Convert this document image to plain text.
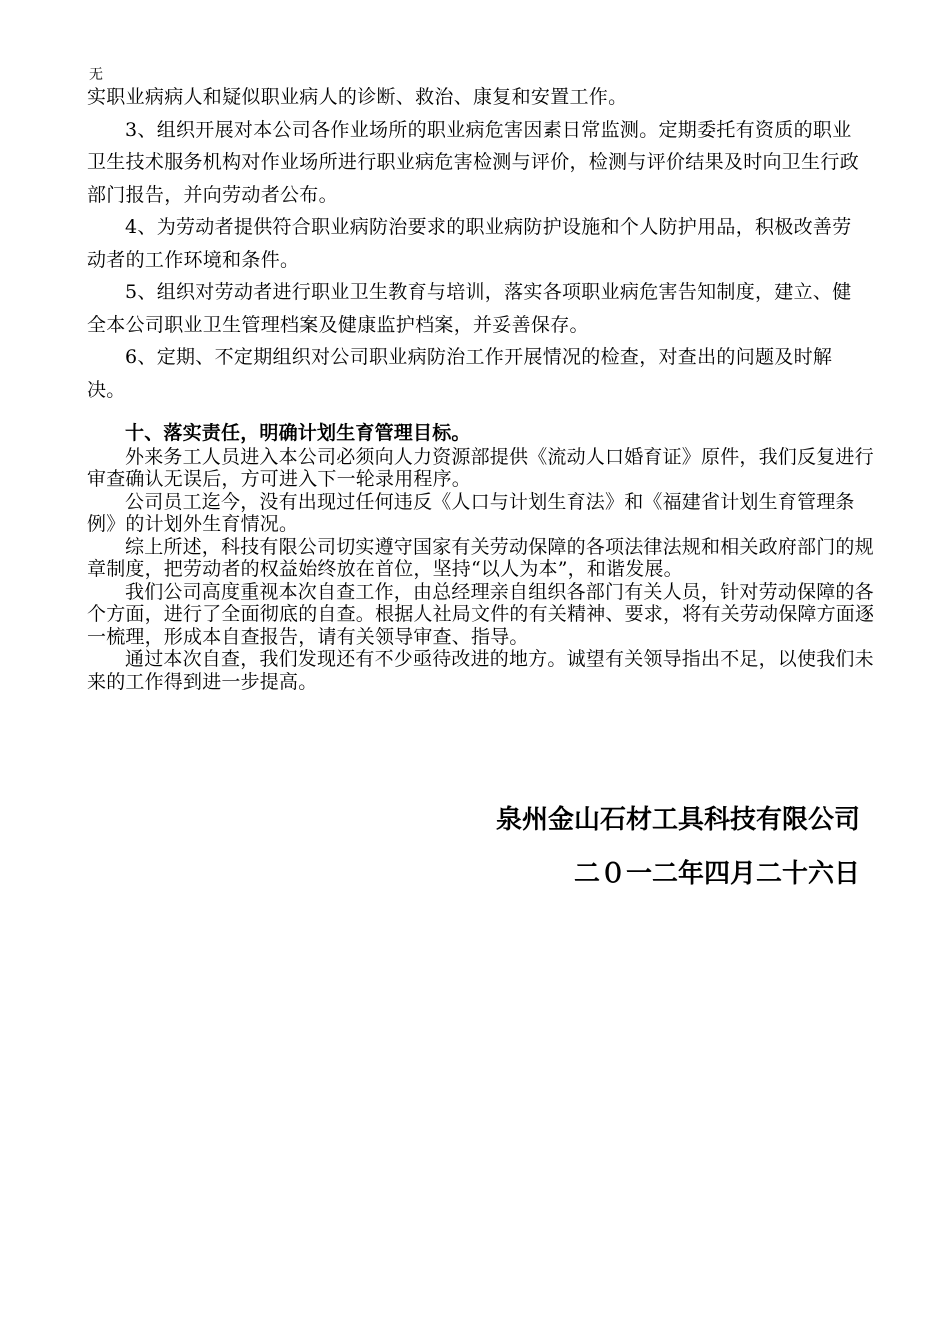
无

实职业病病人和疑似职业病人的诊断、救治、康复和安置工作。

3、组织开展对本公司各作业场所的职业病危害因素日常监测。定期委托有资质的职业卫生技术服务机构对作业场所进行职业病危害检测与评价，检测与评价结果及时向卫生行政部门报告，并向劳动者公布。

4、为劳动者提供符合职业病防治要求的职业病防护设施和个人防护用品，积极改善劳动者的工作环境和条件。

5、组织对劳动者进行职业卫生教育与培训，落实各项职业病危害告知制度，建立、健全本公司职业卫生管理档案及健康监护档案，并妥善保存。

6、定期、不定期组织对公司职业病防治工作开展情况的检查，对查出的问题及时解决。

十、落实责任，明确计划生育管理目标。

外来务工人员进入本公司必须向人力资源部提供《流动人口婚育证》原件，我们反复进行审查确认无误后，方可进入下一轮录用程序。

公司员工迄今，没有出现过任何违反《人口与计划生育法》和《福建省计划生育管理条例》的计划外生育情况。

综上所述，科技有限公司切实遵守国家有关劳动保障的各项法律法规和相关政府部门的规章制度，把劳动者的权益始终放在首位，坚持“以人为本”，和谐发展。

我们公司高度重视本次自查工作，由总经理亲自组织各部门有关人员，针对劳动保障的各个方面，进行了全面彻底的自查。根据人社局文件的有关精神、要求，将有关劳动保障方面逐一梳理，形成本自查报告，请有关领导审查、指导。

通过本次自查，我们发现还有不少亟待改进的地方。诚望有关领导指出不足，以使我们未来的工作得到进一步提高。

泉州金山石材工具科技有限公司
二０一二年四月二十六日
